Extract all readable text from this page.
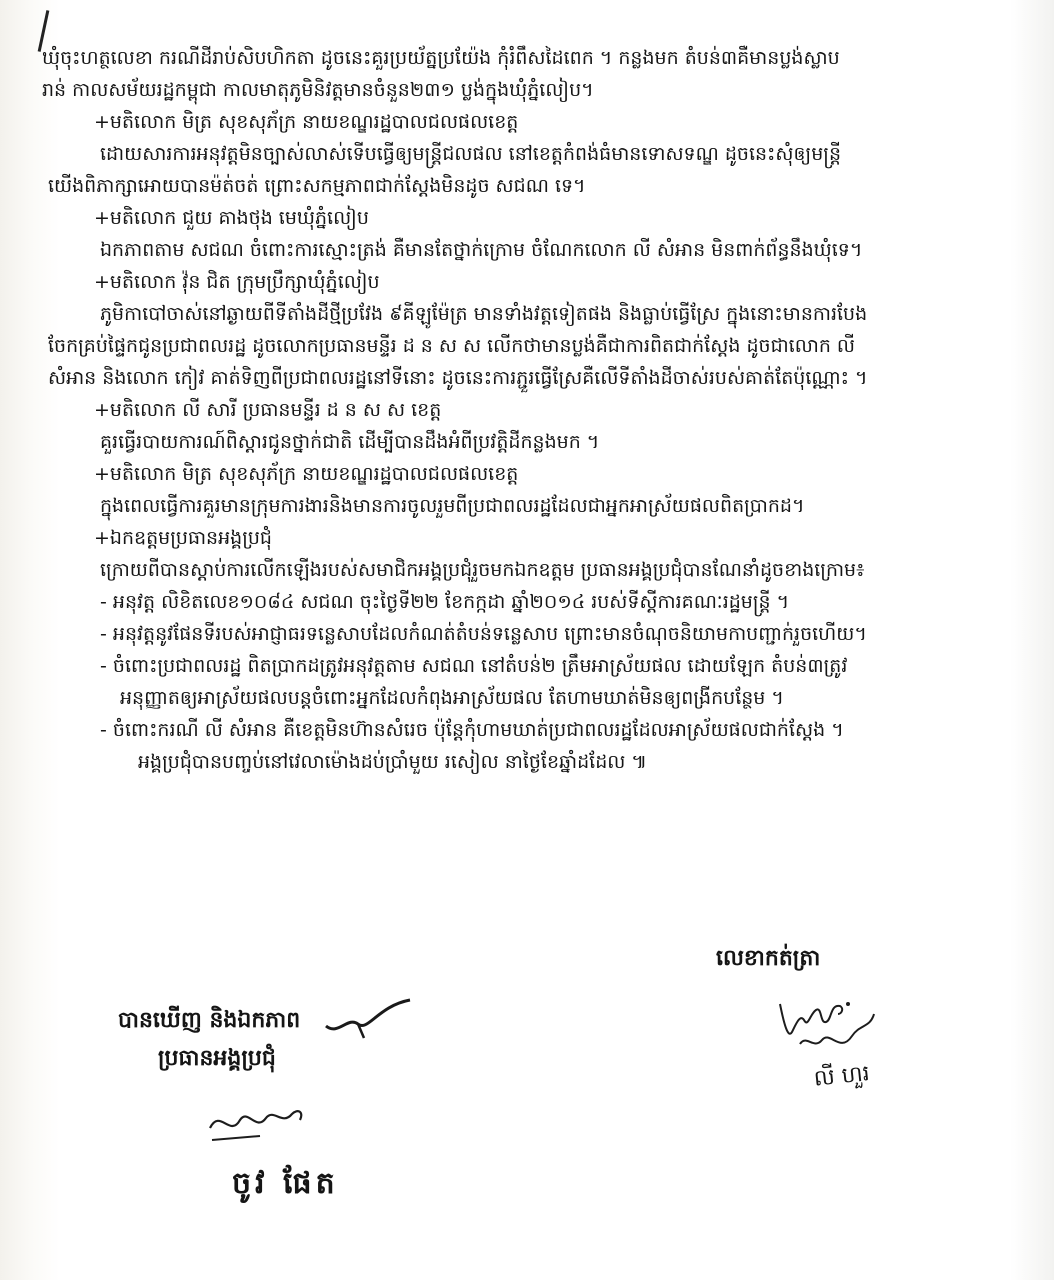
ឃុំចុះហត្ថលេខា ករណីដីរាប់សិបហិកតា ដូចនេះគួរប្រយ័ត្នប្រយ៉ែង កុំរំពឹសដៃពេក ។ កន្លងមក តំបន់៣គឺមានប្លង់ស្លាប
រាន់ កាលសម័យរដ្ឋកម្ពុជា កាលមាតុភូមិនិវត្តមានចំនួន២៣១ ប្លង់ក្នុងឃុំភ្នំលៀប។
+មតិលោក មិត្រ សុខសុភ័ក្រ នាយខណ្ឌរដ្ឋបាលជលផលខេត្ត
ដោយសារការអនុវត្តមិនច្បាស់លាស់ទើបធ្វើឲ្យមន្ត្រីជលផល នៅខេត្តកំពង់ធំមានទោសទណ្ឌ ដូចនេះសុំឲ្យមន្ត្រី
យើងពិភាក្សាអោយបានម៉ត់ចត់ ព្រោះសកម្មភាពជាក់ស្តែងមិនដូច សជណ ទេ។
+មតិលោក ជួយ គាងថុង មេឃុំភ្នំលៀប
ឯកភាពតាម សជណ ចំពោះការស្មោះត្រង់ គឺមានតែថ្នាក់ក្រោម ចំណែកលោក លី សំអាន មិនពាក់ព័ន្ធនឹងឃុំទេ។
+មតិលោក វ៉ុន ជិត ក្រុមប្រឹក្សាឃុំភ្នំលៀប
ភូមិកាបៅចាស់នៅឆ្ងាយពីទីតាំងដីថ្មីប្រវែង ៩គីឡូម៉ែត្រ មានទាំងវត្តទៀតផង និងធ្លាប់ធ្វើស្រែ ក្នុងនោះមានការបែង
ចែកគ្រប់ផ្ទៃកជូនប្រជាពលរដ្ឋ ដូចលោកប្រធានមន្ទីរ ដ ន ស ស លើកថាមានប្លង់គឺជាការពិតជាក់ស្តែង ដូចជាលោក លី
សំអាន និងលោក កៀវ គាត់ទិញពីប្រជាពលរដ្ឋនៅទីនោះ ដូចនេះការភ្ជួរធ្វើស្រែគឺលើទីតាំងដីចាស់របស់គាត់តែប៉ុណ្ណោះ ។
+មតិលោក លី សារី ប្រធានមន្ទីរ ដ ន ស ស ខេត្ត
គួរធ្វើរបាយការណ៍ពិស្តារជូនថ្នាក់ជាតិ ដើម្បីបានដឹងអំពីប្រវត្តិដីកន្លងមក ។
+មតិលោក មិត្រ សុខសុភ័ក្រ នាយខណ្ឌរដ្ឋបាលជលផលខេត្ត
ក្នុងពេលធ្វើការគួរមានក្រុមការងារនិងមានការចូលរួមពីប្រជាពលរដ្ឋដែលជាអ្នកអាស្រ័យផលពិតប្រាកដ។
+ឯកឧត្តមប្រធានអង្គប្រជុំ
ក្រោយពីបានស្តាប់ការលើកឡើងរបស់សមាជិកអង្គប្រជុំរួចមកឯកឧត្តម ប្រធានអង្គប្រជុំបានណែនាំដូចខាងក្រោម៖
- អនុវត្ត លិខិតលេខ១០៨៤ សជណ ចុះថ្ងៃទី២២ ខែកក្កដា ឆ្នាំ២០១៤ របស់ទីស្តីការគណៈរដ្ឋមន្ត្រី ។
- អនុវត្តនូវផែនទីរបស់អាជ្ញាធរទន្លេសាបដែលកំណត់តំបន់ទន្លេសាប ព្រោះមានចំណុចនិយាមកាបញ្ជាក់រួចហើយ។
- ចំពោះប្រជាពលរដ្ឋ ពិតប្រាកដត្រូវអនុវត្តតាម សជណ នៅតំបន់២ ត្រឹមអាស្រ័យផល ដោយឡែក តំបន់៣ត្រូវ
អនុញ្ញាតឲ្យអាស្រ័យផលបន្តចំពោះអ្នកដែលកំពុងអាស្រ័យផល តែហាមឃាត់មិនឲ្យពង្រីកបន្ថែម ។
- ចំពោះករណី លី សំអាន គឺខេត្តមិនហ៊ានសំរេច ប៉ុន្តែកុំហាមឃាត់ប្រជាពលរដ្ឋដែលអាស្រ័យផលជាក់ស្តែង ។
អង្គប្រជុំបានបញ្ចប់នៅវេលាម៉ោងដប់ប្រាំមួយ រសៀល នាថ្ងៃខែឆ្នាំដដែល ៕
លេខាកត់ត្រា
លី ហួរ
បានឃើញ និងឯកភាព
ប្រធានអង្គប្រជុំ
ចូវ ផែត
